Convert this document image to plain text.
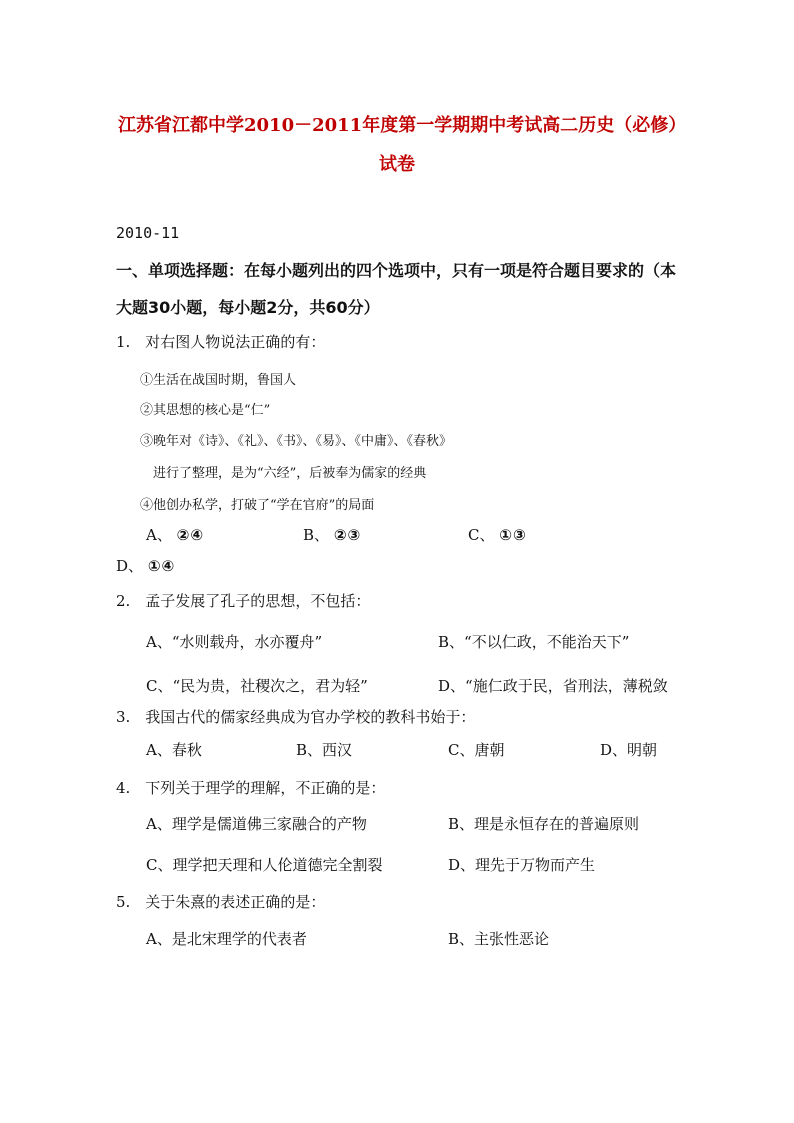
江苏省江都中学2010－2011年度第一学期期中考试高二历史（必修）
试卷
2010-11
一、单项选择题：在每小题列出的四个选项中，只有一项是符合题目要求的（本
大题30小题，每小题2分，共60分）
1.　对右图人物说法正确的有：
①生活在战国时期，鲁国人
②其思想的核心是“仁”
③晚年对《诗》、《礼》、《书》、《易》、《中庸》、《春秋》
进行了整理，是为“六经”，后被奉为儒家的经典
④他创办私学，打破了“学在官府”的局面
A、 ②④	B、 ②③	C、 ①③
D、 ①④
2.　孟子发展了孔子的思想，不包括：
A、“水则载舟，水亦覆舟”	B、“不以仁政，不能治天下”
C、“民为贵，社稷次之，君为轻”	D、“施仁政于民，省刑法，薄税敛
3.　我国古代的儒家经典成为官办学校的教科书始于：
A、春秋	B、西汉	C、唐朝	D、明朝
4.　下列关于理学的理解，不正确的是：
A、理学是儒道佛三家融合的产物	B、理是永恒存在的普遍原则
C、理学把天理和人伦道德完全割裂	D、理先于万物而产生
5.　关于朱熹的表述正确的是：
A、是北宋理学的代表者	B、主张性恶论
